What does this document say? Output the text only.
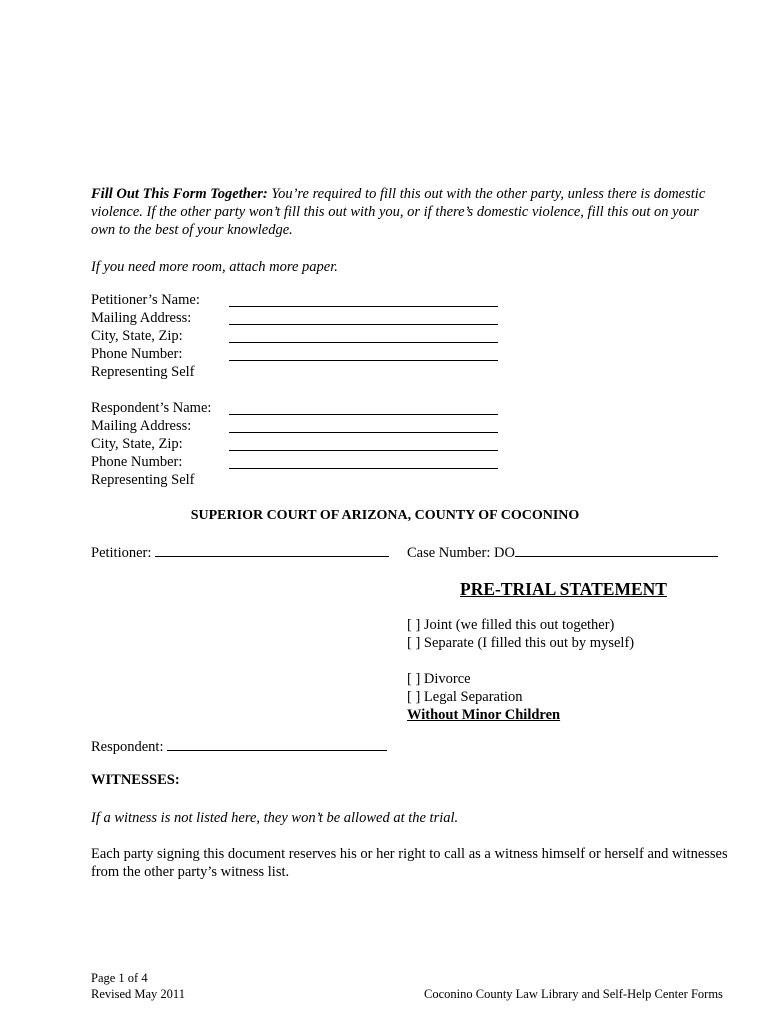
Fill Out This Form Together: You’re required to fill this out with the other party, unless there is domestic violence. If the other party won’t fill this out with you, or if there’s domestic violence, fill this out on your own to the best of your knowledge.
If you need more room, attach more paper.
Petitioner’s Name:
Mailing Address:
City, State, Zip:
Phone Number:
Representing Self
Respondent’s Name:
Mailing Address:
City, State, Zip:
Phone Number:
Representing Self
SUPERIOR COURT OF ARIZONA, COUNTY OF COCONINO
Petitioner:	Case Number: DO
PRE-TRIAL STATEMENT
[ ] Joint (we filled this out together)
[ ] Separate (I filled this out by myself)
[ ] Divorce
[ ] Legal Separation
Without Minor Children
Respondent:
WITNESSES:
If a witness is not listed here, they won’t be allowed at the trial.
Each party signing this document reserves his or her right to call as a witness himself or herself and witnesses from the other party’s witness list.
Page 1 of 4
Revised May 2011	Coconino County Law Library and Self-Help Center Forms
